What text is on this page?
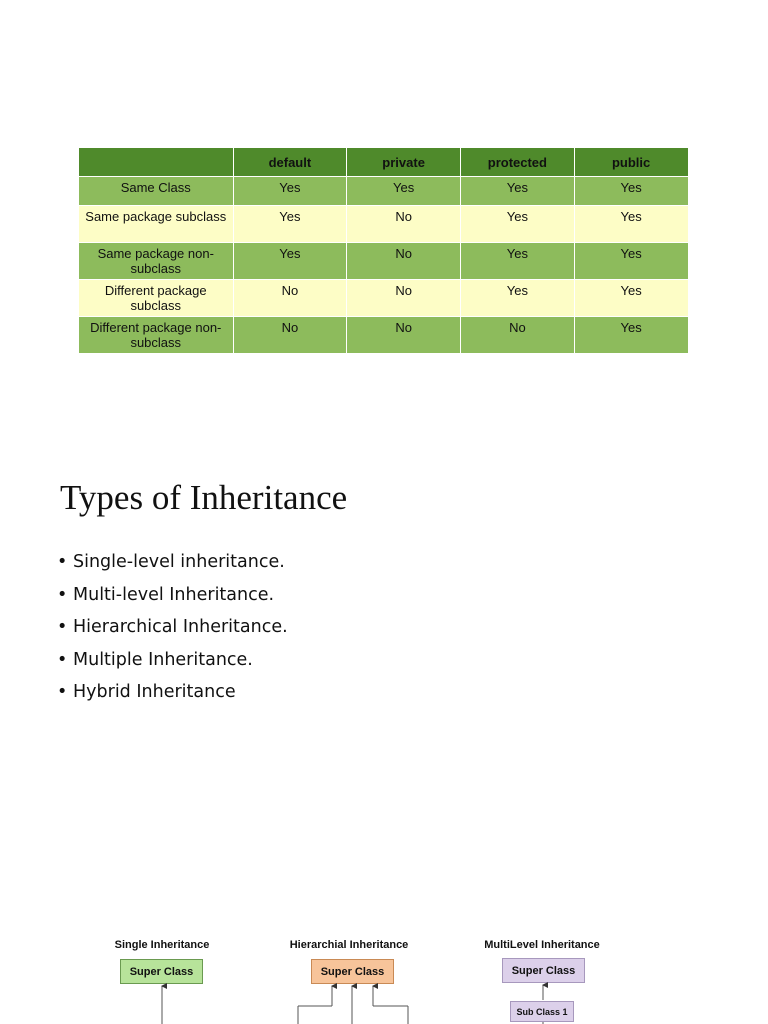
	default	private	protected	public
Same Class	Yes	Yes	Yes	Yes
Same package subclass	Yes	No	Yes	Yes
Same package non-subclass	Yes	No	Yes	Yes
Different package subclass	No	No	Yes	Yes
Different package non-subclass	No	No	No	Yes
Types of Inheritance
• Single-level inheritance.
• Multi-level Inheritance.
• Hierarchical Inheritance.
• Multiple Inheritance.
• Hybrid Inheritance
Single Inheritance
Super Class
Hierarchial Inheritance
Super Class
MultiLevel Inheritance
Super Class
Sub Class 1
